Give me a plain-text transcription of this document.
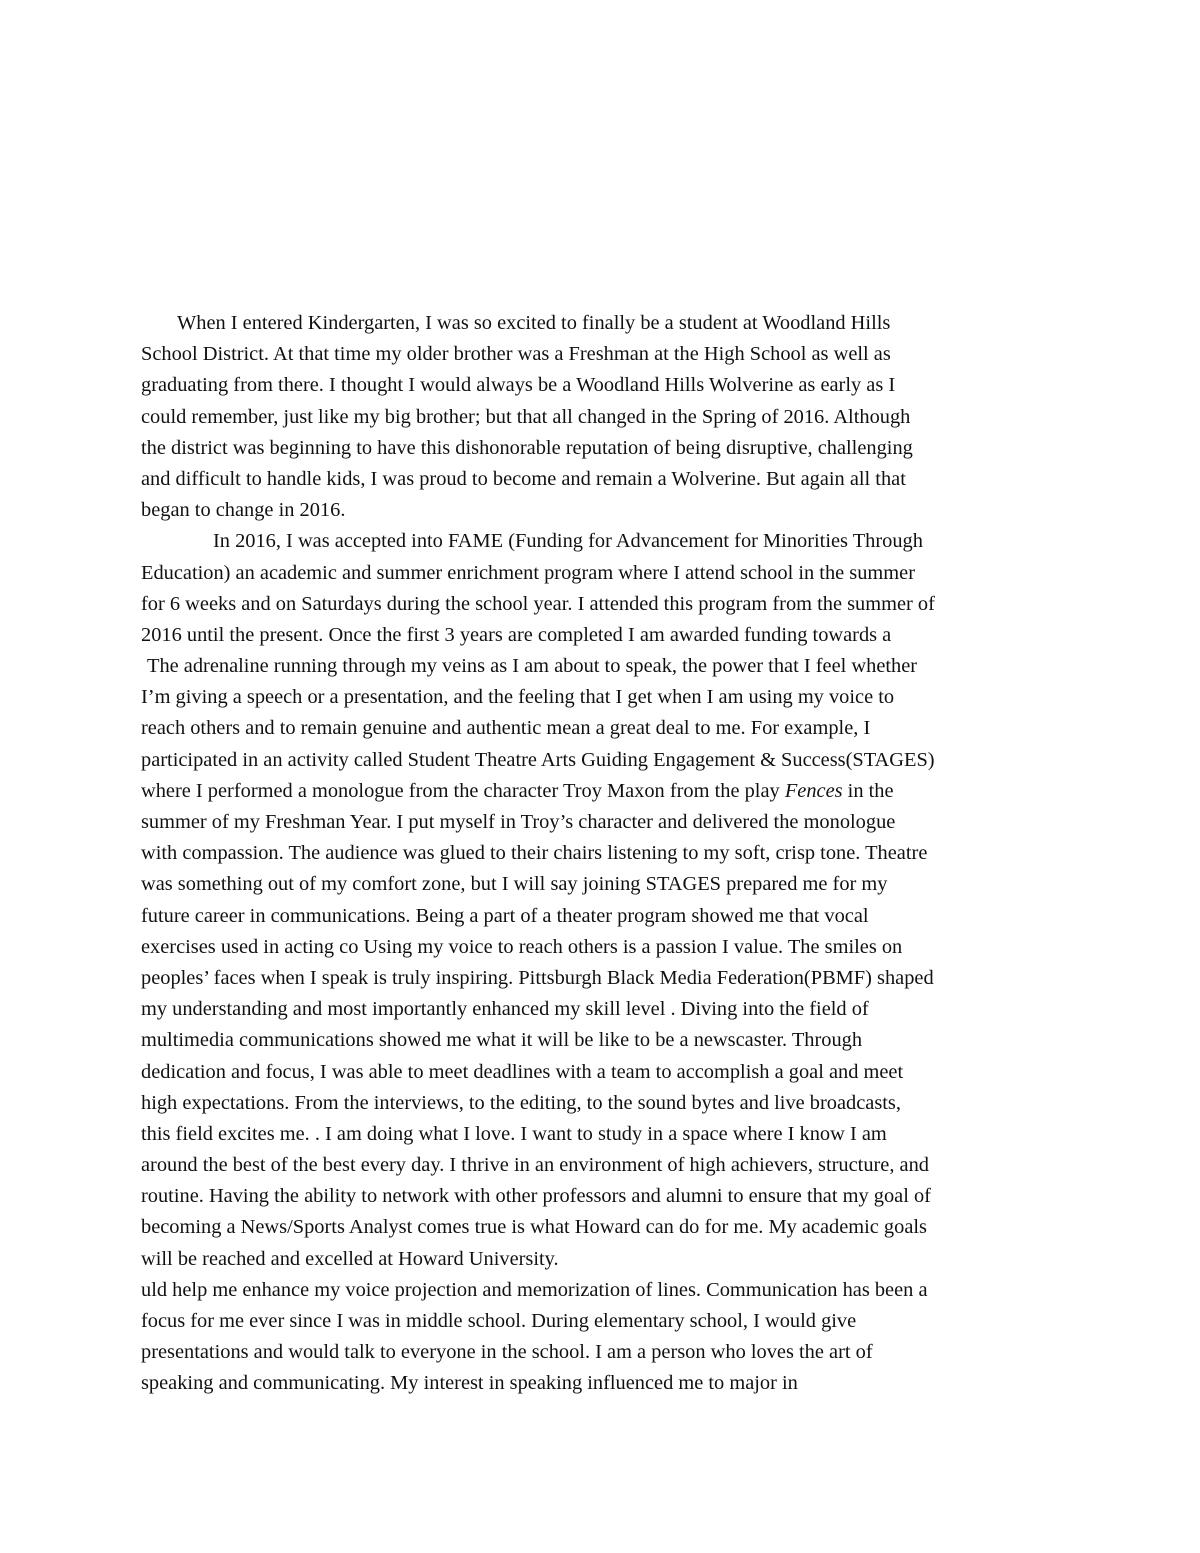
When I entered Kindergarten, I was so excited to finally be a student at Woodland Hills
School District. At that time my older brother was a Freshman at the High School as well as
graduating from there. I thought I would always be a Woodland Hills Wolverine as early as I
could remember, just like my big brother; but that all changed in the Spring of 2016. Although
the district was beginning to have this dishonorable reputation of being disruptive, challenging
and difficult to handle kids, I was proud to become and remain a Wolverine. But again all that
began to change in 2016.
In 2016, I was accepted into FAME (Funding for Advancement for Minorities Through
Education) an academic and summer enrichment program where I attend school in the summer
for 6 weeks and on Saturdays during the school year. I attended this program from the summer of
2016 until the present. Once the first 3 years are completed I am awarded funding towards a
The adrenaline running through my veins as I am about to speak, the power that I feel whether
I’m giving a speech or a presentation, and the feeling that I get when I am using my voice to
reach others and to remain genuine and authentic mean a great deal to me. For example, I
participated in an activity called Student Theatre Arts Guiding Engagement & Success(STAGES)
where I performed a monologue from the character Troy Maxon from the play Fences in the
summer of my Freshman Year. I put myself in Troy’s character and delivered the monologue
with compassion. The audience was glued to their chairs listening to my soft, crisp tone. Theatre
was something out of my comfort zone, but I will say joining STAGES prepared me for my
future career in communications. Being a part of a theater program showed me that vocal
exercises used in acting co Using my voice to reach others is a passion I value. The smiles on
peoples’ faces when I speak is truly inspiring. Pittsburgh Black Media Federation(PBMF) shaped
my understanding and most importantly enhanced my skill level . Diving into the field of
multimedia communications showed me what it will be like to be a newscaster. Through
dedication and focus, I was able to meet deadlines with a team to accomplish a goal and meet
high expectations. From the interviews, to the editing, to the sound bytes and live broadcasts,
this field excites me. . I am doing what I love. I want to study in a space where I know I am
around the best of the best every day. I thrive in an environment of high achievers, structure, and
routine. Having the ability to network with other professors and alumni to ensure that my goal of
becoming a News/Sports Analyst comes true is what Howard can do for me. My academic goals
will be reached and excelled at Howard University.
uld help me enhance my voice projection and memorization of lines. Communication has been a
focus for me ever since I was in middle school. During elementary school, I would give
presentations and would talk to everyone in the school. I am a person who loves the art of
speaking and communicating. My interest in speaking influenced me to major in
